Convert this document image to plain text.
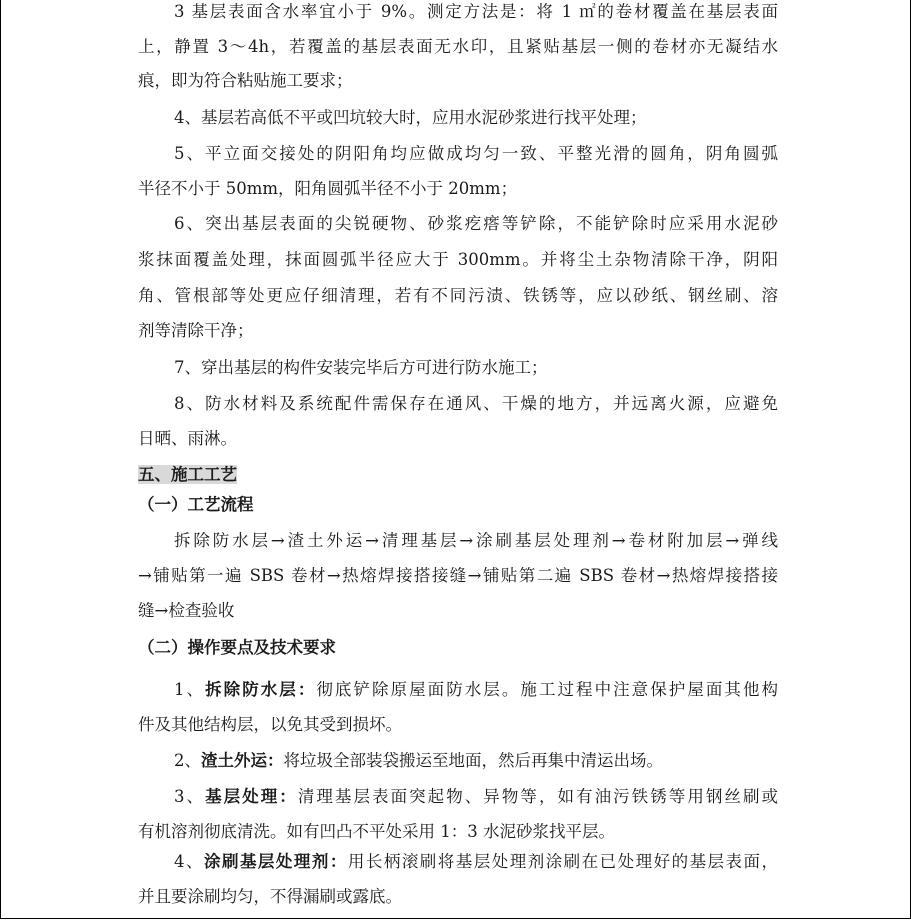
3 基层表面含水率宜小于 9%。测定方法是：将 1 ㎡的卷材覆盖在基层表面
上，静置 3～4h，若覆盖的基层表面无水印，且紧贴基层一侧的卷材亦无凝结水
痕，即为符合粘贴施工要求；
4、基层若高低不平或凹坑较大时，应用水泥砂浆进行找平处理；
5、平立面交接处的阴阳角均应做成均匀一致、平整光滑的圆角，阴角圆弧
半径不小于 50mm，阳角圆弧半径不小于 20mm；
6、突出基层表面的尖锐硬物、砂浆疙瘩等铲除，不能铲除时应采用水泥砂
浆抹面覆盖处理，抹面圆弧半径应大于 300mm。并将尘土杂物清除干净，阴阳
角、管根部等处更应仔细清理，若有不同污渍、铁锈等，应以砂纸、钢丝刷、溶
剂等清除干净；
7、穿出基层的构件安装完毕后方可进行防水施工；
8、防水材料及系统配件需保存在通风、干燥的地方，并远离火源，应避免
日晒、雨淋。
五、施工工艺
（一）工艺流程
拆除防水层→渣土外运→清理基层→涂刷基层处理剂→卷材附加层→弹线
→铺贴第一遍 SBS 卷材→热熔焊接搭接缝→铺贴第二遍 SBS 卷材→热熔焊接搭接
缝→检查验收
（二）操作要点及技术要求
1、拆除防水层：彻底铲除原屋面防水层。施工过程中注意保护屋面其他构
件及其他结构层，以免其受到损坏。
2、渣土外运：将垃圾全部装袋搬运至地面，然后再集中清运出场。
3、基层处理：清理基层表面突起物、异物等，如有油污铁锈等用钢丝刷或
有机溶剂彻底清洗。如有凹凸不平处采用 1：3 水泥砂浆找平层。
4、涂刷基层处理剂：用长柄滚刷将基层处理剂涂刷在已处理好的基层表面，
并且要涂刷均匀，不得漏刷或露底。
